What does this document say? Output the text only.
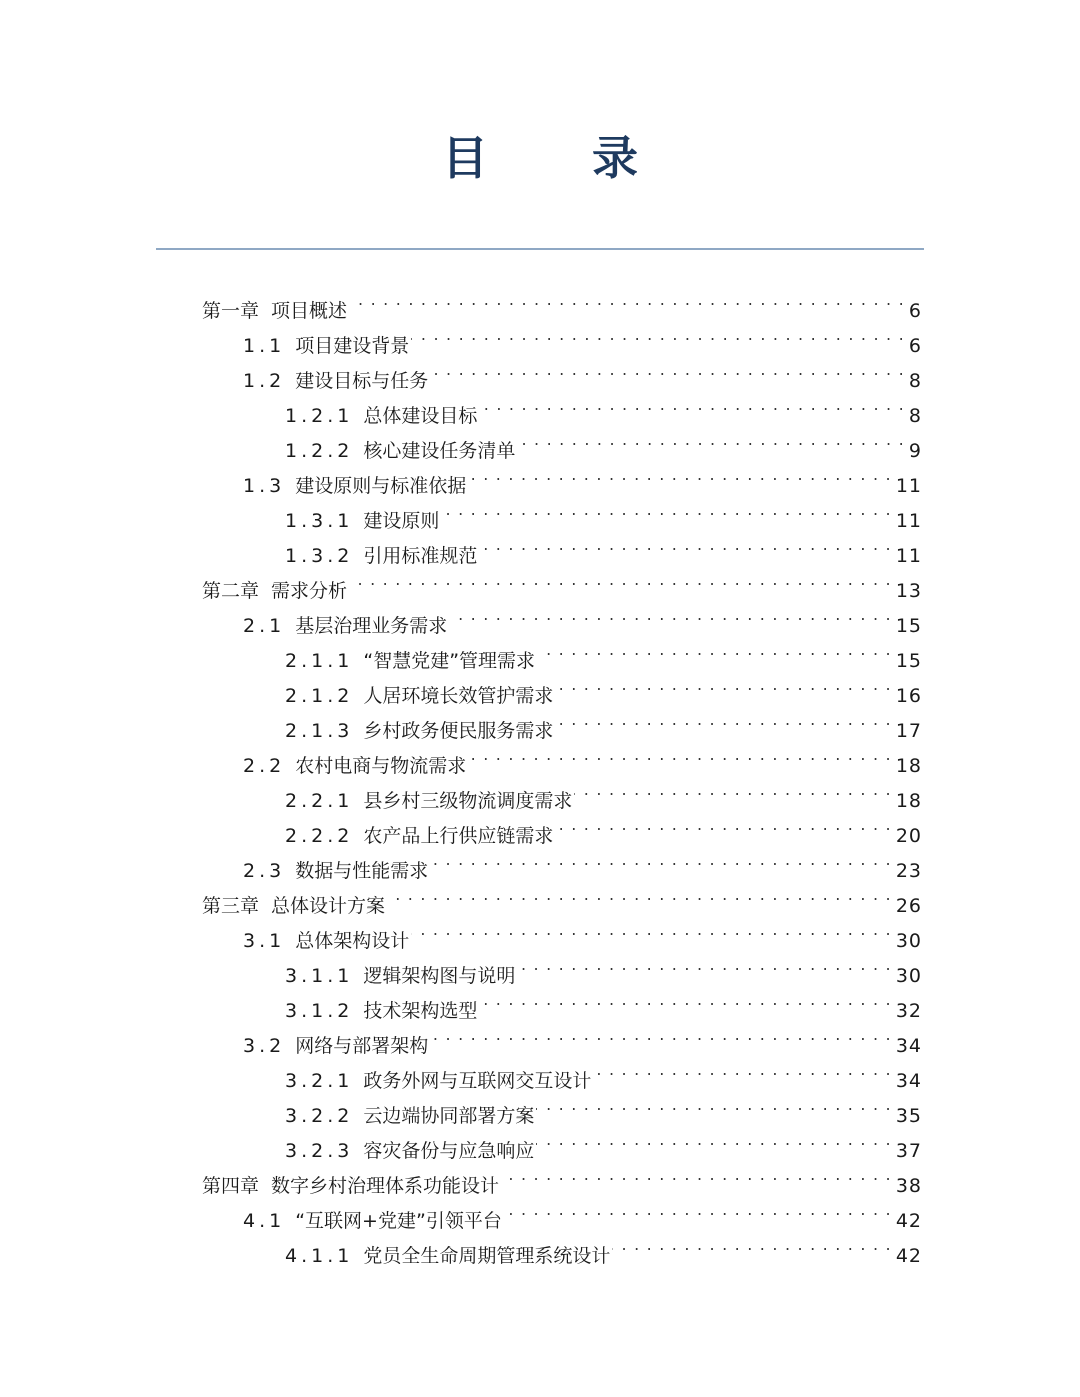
目 录
第一章 项目概述 . . .	6
1.1 项目建设背景 . . .	6
1.2 建设目标与任务 . . .	8
1.2.1 总体建设目标 . . .	8
1.2.2 核心建设任务清单 . . .	9
1.3 建设原则与标准依据 . . .	11
1.3.1 建设原则 . . .	11
1.3.2 引用标准规范 . . .	11
第二章 需求分析 . . .	13
2.1 基层治理业务需求 . . .	15
2.1.1 “智慧党建”管理需求 . . .	15
2.1.2 人居环境长效管护需求 . . .	16
2.1.3 乡村政务便民服务需求 . . .	17
2.2 农村电商与物流需求 . . .	18
2.2.1 县乡村三级物流调度需求 . . .	18
2.2.2 农产品上行供应链需求 . . .	20
2.3 数据与性能需求 . . .	23
第三章 总体设计方案 . . .	26
3.1 总体架构设计 . . .	30
3.1.1 逻辑架构图与说明 . . .	30
3.1.2 技术架构选型 . . .	32
3.2 网络与部署架构 . . .	34
3.2.1 政务外网与互联网交互设计 . . .	34
3.2.2 云边端协同部署方案 . . .	35
3.2.3 容灾备份与应急响应 . . .	37
第四章 数字乡村治理体系功能设计 . . .	38
4.1 “互联网+党建”引领平台 . . .	42
4.1.1 党员全生命周期管理系统设计 . . .	42
